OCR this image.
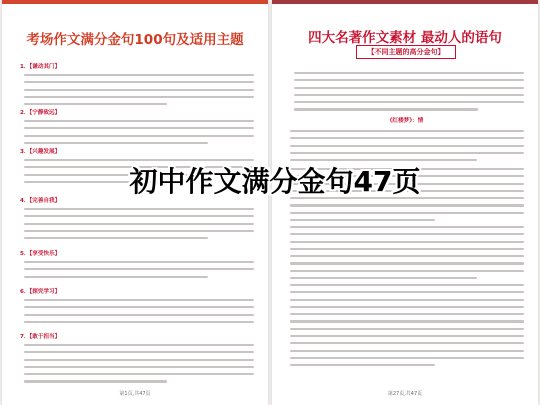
考场作文满分金句100句及适用主题
1．【谦动其门】
2．【宁静致远】
3．【兴趣发展】
4．【完善自我】
5．【享受快乐】
6．【探究学习】
7．【敢于担当】
第1页,共47页
四大名著作文素材 最动人的语句
【不同主题的高分金句】
《红楼梦》：情
第27页,共47页
初中作文满分金句47页
